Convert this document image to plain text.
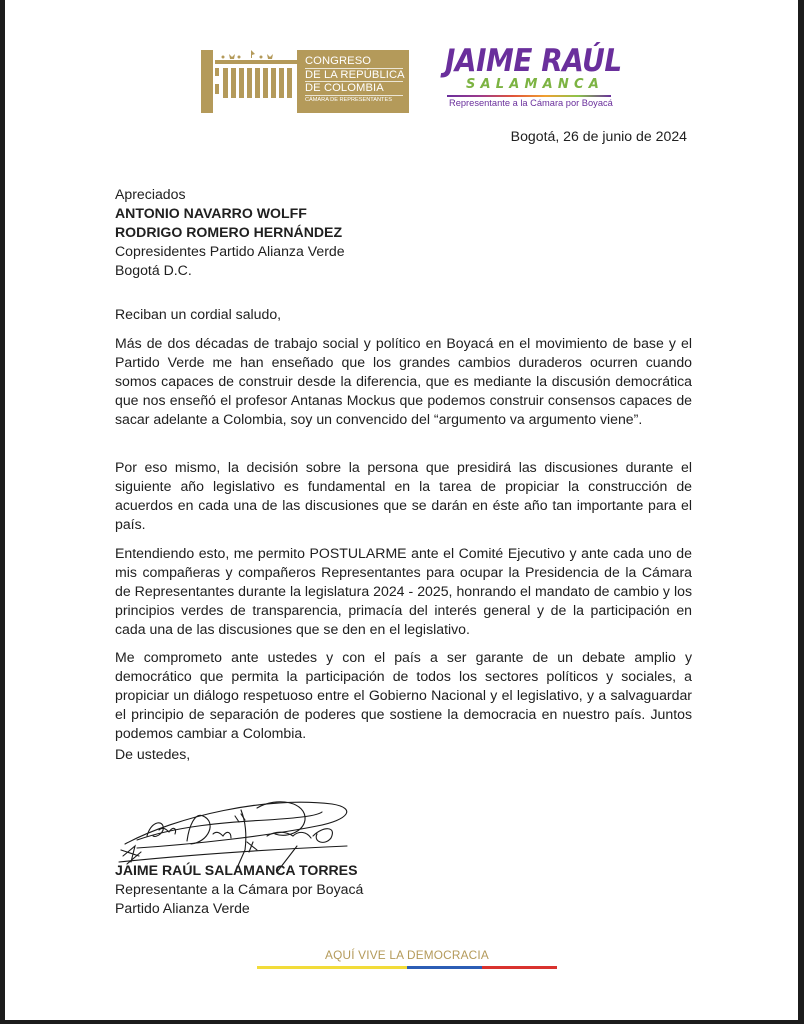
CONGRESO
DE LA REPÚBLICA
DE COLOMBIA
CÁMARA DE REPRESENTANTES
JAIME RAÚL
SALAMANCA
Representante a la Cámara por Boyacá
Bogotá, 26 de junio de 2024
Apreciados
ANTONIO NAVARRO WOLFF
RODRIGO ROMERO HERNÁNDEZ
Copresidentes Partido Alianza Verde
Bogotá D.C.

Reciban un cordial saludo,

Más de dos décadas de trabajo social y político en Boyacá en el movimiento de base y el Partido Verde me han enseñado que los grandes cambios duraderos ocurren cuando somos capaces de construir desde la diferencia, que es mediante la discusión democrática que nos enseñó el profesor Antanas Mockus que podemos construir consensos capaces de sacar adelante a Colombia, soy un convencido del “argumento va argumento viene”.

Por eso mismo, la decisión sobre la persona que presidirá las discusiones durante el siguiente año legislativo es fundamental en la tarea de propiciar la construcción de acuerdos en cada una de las discusiones que se darán en éste año tan importante para el país.

Entendiendo esto, me permito POSTULARME ante el Comité Ejecutivo y ante cada uno de mis compañeras y compañeros Representantes para ocupar la Presidencia de la Cámara de Representantes durante la legislatura 2024 - 2025, honrando el mandato de cambio y los principios verdes de transparencia, primacía del interés general y de la participación en cada una de las discusiones que se den en el legislativo.

Me comprometo ante ustedes y con el país a ser garante de un debate amplio y democrático que permita la participación de todos los sectores políticos y sociales, a propiciar un diálogo respetuoso entre el Gobierno Nacional y el legislativo, y a salvaguardar el principio de separación de poderes que sostiene la democracia en nuestro país. Juntos podemos cambiar a Colombia.

De ustedes,

JAIME RAÚL SALAMANCA TORRES
Representante a la Cámara por Boyacá
Partido Alianza Verde
AQUÍ VIVE LA DEMOCRACIA
